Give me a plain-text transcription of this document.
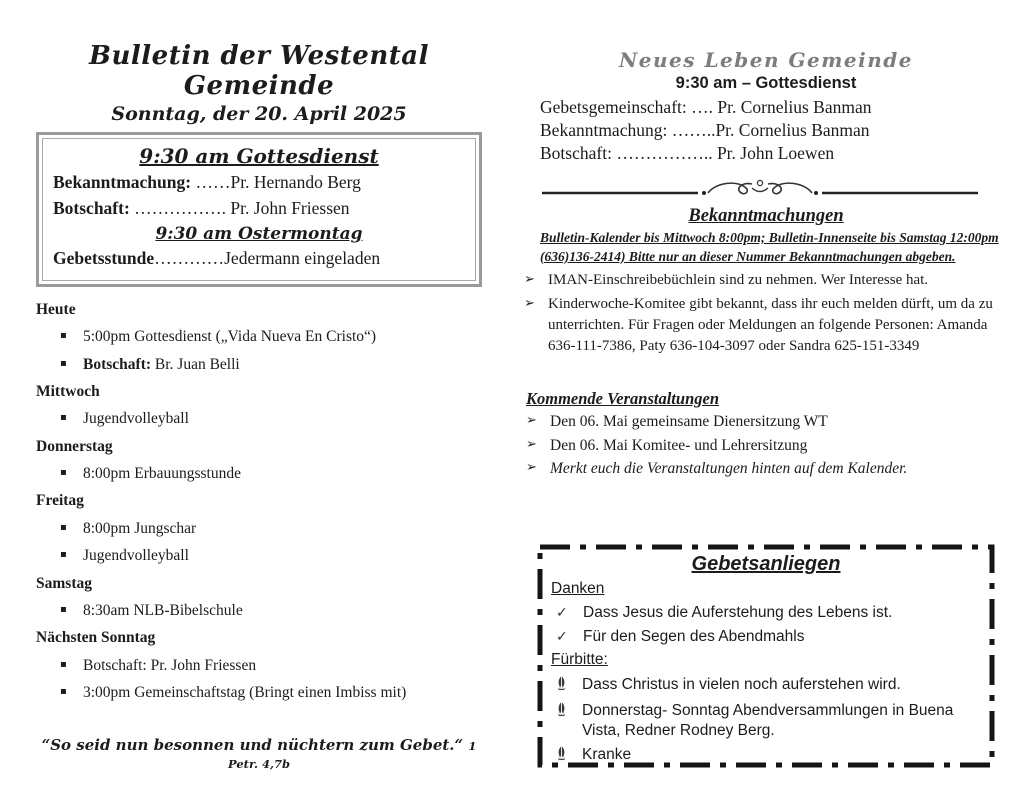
Bulletin der Westental Gemeinde
Sonntag, der 20. April 2025
9:30 am Gottesdienst
Bekanntmachung: ……Pr. Hernando Berg
Botschaft: ……………. Pr. John Friessen
9:30 am Ostermontag
Gebetsstunde…………Jedermann eingeladen
Heute
▪	5:00pm Gottesdienst („Vida Nueva En Cristo“)
▪	Botschaft: Br. Juan Belli
Mittwoch
▪	Jugendvolleyball
Donnerstag
▪	8:00pm Erbauungsstunde
Freitag
▪	8:00pm Jungschar
▪	Jugendvolleyball
Samstag
▪	8:30am NLB-Bibelschule
Nächsten Sonntag
▪	Botschaft: Pr. John Friessen
▪	3:00pm Gemeinschaftstag (Bringt einen Imbiss mit)
“So seid nun besonnen und nüchtern zum Gebet.“ 1 Petr. 4,7b
Neues Leben Gemeinde
9:30 am – Gottesdienst
Gebetsgemeinschaft: …. Pr. Cornelius Banman
Bekanntmachung: ……..Pr. Cornelius Banman
Botschaft: …………….. Pr. John Loewen
Bekanntmachungen
Bulletin-Kalender bis Mittwoch 8:00pm; Bulletin-Innenseite bis Samstag 12:00pm
(636)136-2414) Bitte nur an dieser Nummer Bekanntmachungen abgeben.
➢ IMAN-Einschreibebüchlein sind zu nehmen. Wer Interesse hat.
➢ Kinderwoche-Komitee gibt bekannt, dass ihr euch melden dürft, um da zu unterrichten. Für Fragen oder Meldungen an folgende Personen: Amanda 636-111-7386, Paty 636-104-3097 oder Sandra 625-151-3349
Kommende Veranstaltungen
➢ Den 06. Mai gemeinsame Dienersitzung WT
➢ Den 06. Mai Komitee- und Lehrersitzung
➢ Merkt euch die Veranstaltungen hinten auf dem Kalender.
Gebetsanliegen
Danken
✓ Dass Jesus die Auferstehung des Lebens ist.
✓ Für den Segen des Abendmahls
Fürbitte:
Dass Christus in vielen noch auferstehen wird.
Donnerstag- Sonntag Abendversammlungen in Buena Vista, Redner Rodney Berg.
Kranke
